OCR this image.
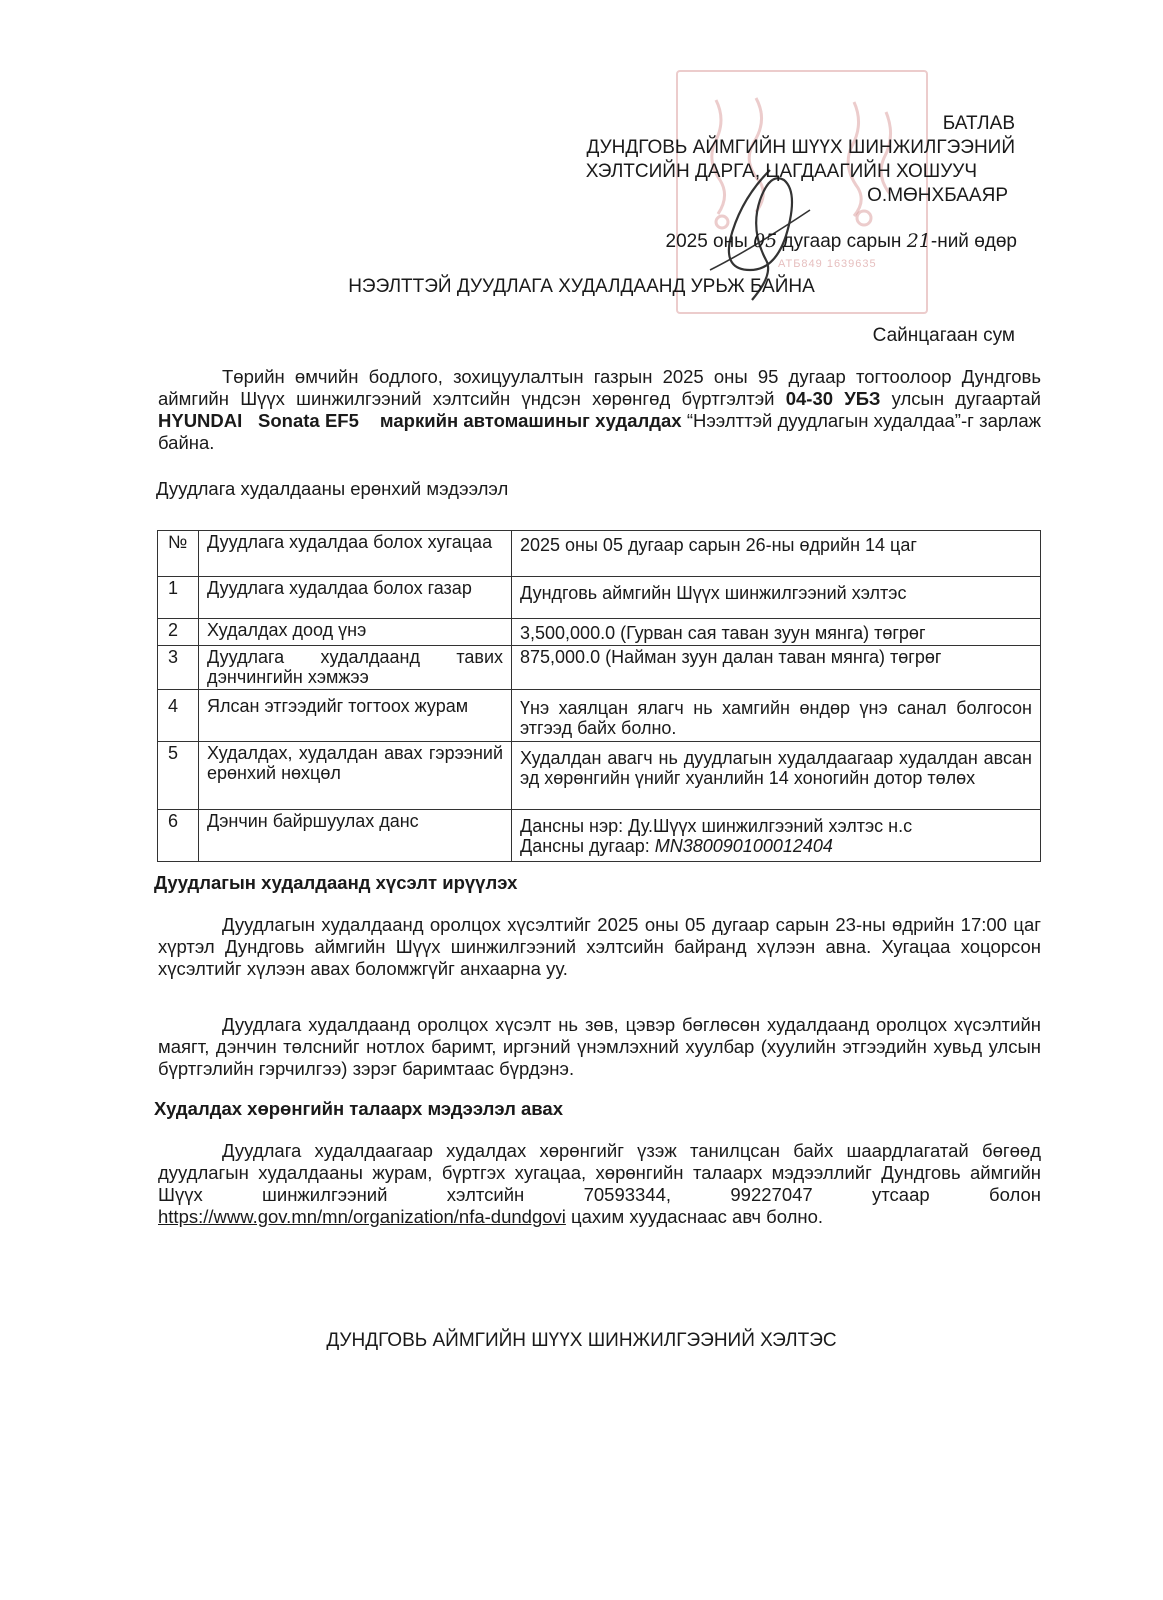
АТБ849 1639635
БАТЛАВ
ДУНДГОВЬ АЙМГИЙН ШҮҮХ ШИНЖИЛГЭЭНИЙ
ХЭЛТСИЙН ДАРГА, ЦАГДААГИЙН ХОШУУЧ
О.МӨНХБААЯР
2025 оны 05 дугаар сарын 21-ний өдөр
НЭЭЛТТЭЙ ДУУДЛАГА ХУДАЛДААНД УРЬЖ БАЙНА
Сайнцагаан сум
Төрийн өмчийн бодлого, зохицуулалтын газрын 2025 оны 95 дугаар тогтоолоор Дундговь аймгийн Шүүх шинжилгээний хэлтсийн үндсэн хөрөнгөд бүртгэлтэй 04-30 УБЗ улсын дугаартай HYUNDAI   Sonata EF5    маркийн автомашиныг худалдах “Нээлттэй дуудлагын худалдаа”-г зарлаж байна.
Дуудлага худалдааны ерөнхий мэдээлэл
№	Дуудлага худалдаа болох хугацаа	2025 оны 05 дугаар сарын 26-ны өдрийн 14 цаг
1	Дуудлага худалдаа болох газар	Дундговь аймгийн Шүүх шинжилгээний хэлтэс
2	Худалдах доод үнэ	3,500,000.0 (Гурван сая таван зуун мянга) төгрөг
3	Дуудлага худалдаанд тавих дэнчингийн хэмжээ	875,000.0 (Найман зуун далан таван мянга) төгрөг
4	Ялсан этгээдийг тогтоох журам	Үнэ хаялцан ялагч нь хамгийн өндөр үнэ санал болгосон этгээд байх болно.
5	Худалдах, худалдан авах гэрээний ерөнхий нөхцөл	Худалдан авагч нь дуудлагын худалдаагаар худалдан авсан эд хөрөнгийн үнийг хуанлийн 14 хоногийн дотор төлөх
6	Дэнчин байршуулах данс	Дансны нэр: Ду.Шүүх шинжилгээний хэлтэс н.с
Дансны дугаар: MN380090100012404
Дуудлагын худалдаанд хүсэлт ирүүлэх
Дуудлагын худалдаанд оролцох хүсэлтийг 2025 оны 05 дугаар сарын 23-ны өдрийн 17:00 цаг хүртэл Дундговь аймгийн Шүүх шинжилгээний хэлтсийн байранд хүлээн авна. Хугацаа хоцорсон хүсэлтийг хүлээн авах боломжгүйг анхаарна уу.
Дуудлага худалдаанд оролцох хүсэлт нь зөв, цэвэр бөглөсөн худалдаанд оролцох хүсэлтийн маягт, дэнчин төлснийг нотлох баримт, иргэний үнэмлэхний хуулбар (хуулийн этгээдийн хувьд улсын бүртгэлийн гэрчилгээ) зэрэг баримтаас бүрдэнэ.
Худалдах хөрөнгийн талаарх мэдээлэл авах
Дуудлага худалдаагаар худалдах хөрөнгийг үзэж танилцсан байх шаардлагатай бөгөөд дуудлагын худалдааны журам, бүртгэх хугацаа, хөрөнгийн талаарх мэдээллийг Дундговь аймгийн Шүүх шинжилгээний хэлтсийн 70593344, 99227047 утсаар болон https://www.gov.mn/mn/organization/nfa-dundgovi цахим хуудаснаас авч болно.
ДУНДГОВЬ АЙМГИЙН ШҮҮХ ШИНЖИЛГЭЭНИЙ ХЭЛТЭС
